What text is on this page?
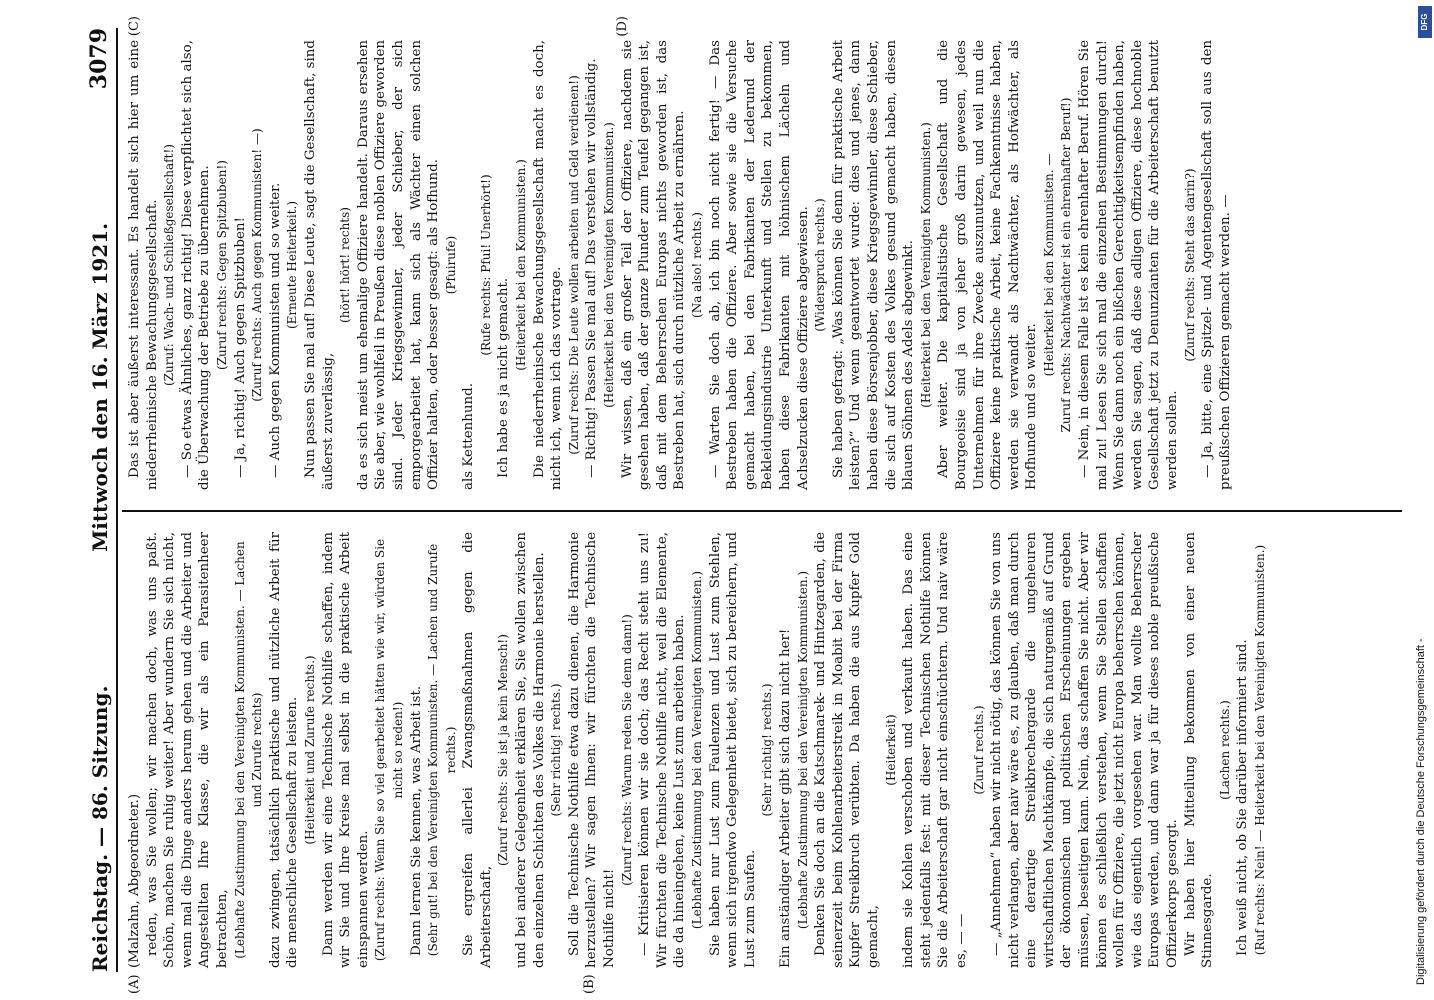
Reichstag. — 86. Sitzung.
Mittwoch den 16. März 1921.
3079

(Malzahn, Abgeordneter.) reden, was Sie wollen; wir machen doch, was uns paßt. Schön, machen Sie ruhig weiter! Aber wundern Sie sich nicht, wenn mal die Dinge anders herum gehen und die Arbeiter und Angestellten Ihre Klasse, die wir als ein Parasitenheer betrachten, (Lebhafte Zustimmung bei den Vereinigten Kommunisten. — Lachen und Zurufe rechts) dazu zwingen, tatsächlich praktische und nützliche Arbeit für die menschliche Gesellschaft zu leisten. (Heiterkeit und Zurufe rechts.) Dann werden wir eine Technische Nothilfe schaffen, indem wir Sie und Ihre Kreise mal selbst in die praktische Arbeit einspannen werden. (Zuruf rechts: Wenn Sie so viel gearbeitet hätten wie wir, würden Sie nicht so reden!) Dann lernen Sie kennen, was Arbeit ist. (Sehr gut! bei den Vereinigten Kommunisten. — Lachen und Zurufe rechts.) Sie ergreifen allerlei Zwangsmaßnahmen gegen die Arbeiterschaft,

(Zuruf rechts: Sie ist ja kein Mensch!) und bei anderer Gelegenheit erklären Sie, Sie wollen zwischen den einzelnen Schichten des Volkes die Harmonie herstellen. (Sehr richtig! rechts.) Soll die Technische Nothilfe etwa dazu dienen, die Harmonie herzustellen? Wir sagen Ihnen: wir fürchten die Technische Nothilfe nicht!

(Zuruf rechts: Warum reden Sie denn dann!) — Kritisieren können wir sie doch; das Recht steht uns zu! Wir fürchten die Technische Nothilfe nicht, weil die Elemente, die da hineingehen, keine Lust zum arbeiten haben. (Lebhafte Zustimmung bei den Vereinigten Kommunisten.) Sie haben nur Lust zum Faulenzen und Lust zum Stehlen, wenn sich irgendwo Gelegenheit bietet, sich zu bereichern, und Lust zum Saufen.

(Sehr richtig! rechts.) Ein anständiger Arbeiter gibt sich dazu nicht her! (Lebhafte Zustimmung bei den Vereinigten Kommunisten.) Denken Sie doch an die Katschmarek- und Hintzegarden, die seinerzeit beim Kohlenarbeiterstreik in Moabit bei der Firma Kupfer Streikbruch verübten. Da haben die aus Kupfer Gold gemacht,

(Heiterkeit) indem sie Kohlen verschoben und verkauft haben. Das eine steht jedenfalls fest: mit dieser Technischen Nothilfe können Sie die Arbeiterschaft gar nicht einschüchtern. Und naiv wäre es, — —

(Zuruf rechts.) — „Annehmen“ haben wir nicht nötig, das können Sie von uns nicht verlangen, aber naiv wäre es, zu glauben, daß man durch eine derartige Streikbrechergarde die ungeheuren wirtschaftlichen Machtkämpfe, die sich naturgemäß auf Grund der ökonomischen und politischen Erscheinungen ergeben müssen, beseitigen kann. Nein, das schaffen Sie nicht. Aber wir können es schließlich verstehen, wenn Sie Stellen schaffen wollen für Offiziere, die jetzt nicht Europa beherrschen können, wie das eigentlich vorgesehen war. Man wollte Beherrscher Europas werden, und dann war ja für dieses noble preußische Offizierkorps gesorgt. Wir haben hier Mitteilung bekommen von einer neuen Stinnesgarde.

(Lachen rechts.) Ich weiß nicht, ob Sie darüber informiert sind. (Ruf rechts: Nein! — Heiterkeit bei den Vereinigten Kommunisten.)

(A)	(B)

Das ist aber äußerst interessant. Es handelt sich hier um eine niederrheinische Bewachungsgesellschaft. (Zuruf: Wach- und Schließgesellschaft!) — So etwas Ähnliches, ganz richtig! Diese verpflichtet sich also, die Überwachung der Betriebe zu übernehmen. (Zuruf rechts: Gegen Spitzbuben!) — Ja, richtig! Auch gegen Spitzbuben! (Zuruf rechts: Auch gegen Kommunisten! —) — Auch gegen Kommunisten und so weiter. (Erneute Heiterkeit.) Nun passen Sie mal auf! Diese Leute, sagt die Gesellschaft, sind äußerst zuverlässig,

(hört! hört! rechts) da es sich meist um ehemalige Offiziere handelt. Daraus ersehen Sie aber, wie wohlfeil in Preußen diese noblen Offiziere geworden sind. Jeder Kriegsgewinnler, jeder Schieber, der sich emporgearbeitet hat, kann sich als Wächter einen solchen Offizier halten, oder besser gesagt: als Hofhund. (Pfuirufe)

als Kettenhund.

(Rufe rechts: Pfui! Unerhört!)

Ich habe es ja nicht gemacht.

(Heiterkeit bei den Kommunisten.) Die niederrheinische Bewachungsgesellschaft macht es doch, nicht ich, wenn ich das vortrage. (Zuruf rechts: Die Leute wollen arbeiten und Geld verdienen!) — Richtig! Passen Sie mal auf! Das verstehen wir vollständig. (Heiterkeit bei den Vereinigten Kommunisten.) Wir wissen, daß ein großer Teil der Offiziere, nachdem sie gesehen haben, daß der ganze Plunder zum Teufel gegangen ist, daß mit dem Beherrschen Europas nichts geworden ist, das Bestreben hat, sich durch nützliche Arbeit zu ernähren. (Na also! rechts.) — Warten Sie doch ab, ich bin noch nicht fertig! — Das Bestreben haben die Offiziere. Aber sowie sie die Versuche gemacht haben, bei den Fabrikanten der Lederund der Bekleidungsindustrie Unterkunft und Stellen zu bekommen, haben diese Fabrikanten mit höhnischem Lächeln und Achselzucken diese Offiziere abgewiesen. (Widerspruch rechts.) Sie haben gefragt: „Was können Sie denn für praktische Arbeit leisten?“ Und wenn geantwortet wurde: dies und jenes, dann haben diese Börsenjobber, diese Kriegsgewinnler, diese Schieber, die sich auf Kosten des Volkes gesund gemacht haben, diesen blauen Söhnen des Adels abgewinkt. (Heiterkeit bei den Vereinigten Kommunisten.) Aber weiter. Die kapitalistische Gesellschaft und die Bourgeoisie sind ja von jeher groß darin gewesen, jedes Unternehmen für ihre Zwecke auszunutzen, und weil nun die Offiziere keine praktische Arbeit, keine Fachkenntnisse haben, werden sie verwandt als Nachtwächter, als Hofwächter, als Hofhunde und so weiter.

(Heiterkeit bei den Kommunisten. — Zuruf rechts: Nachtwächter ist ein ehrenhafter Beruf!) — Nein, in diesem Falle ist es kein ehrenhafter Beruf. Hören Sie mal zu! Lesen Sie sich mal die einzelnen Bestimmungen durch! Wenn Sie dann noch ein bißchen Gerechtigkeitsempfinden haben, werden Sie sagen, daß diese adligen Offiziere, diese hochnoble Gesellschaft jetzt zu Denunzianten für die Arbeiterschaft benutzt werden sollen.

(Zuruf rechts: Steht das darin?) — Ja, bitte, eine Spitzel- und Agentengesellschaft soll aus den preußischen Offizieren gemacht werden. —

(C)	(D)
Digitalisierung gefördert durch die Deutsche Forschungsgemeinschaft -
DFG
